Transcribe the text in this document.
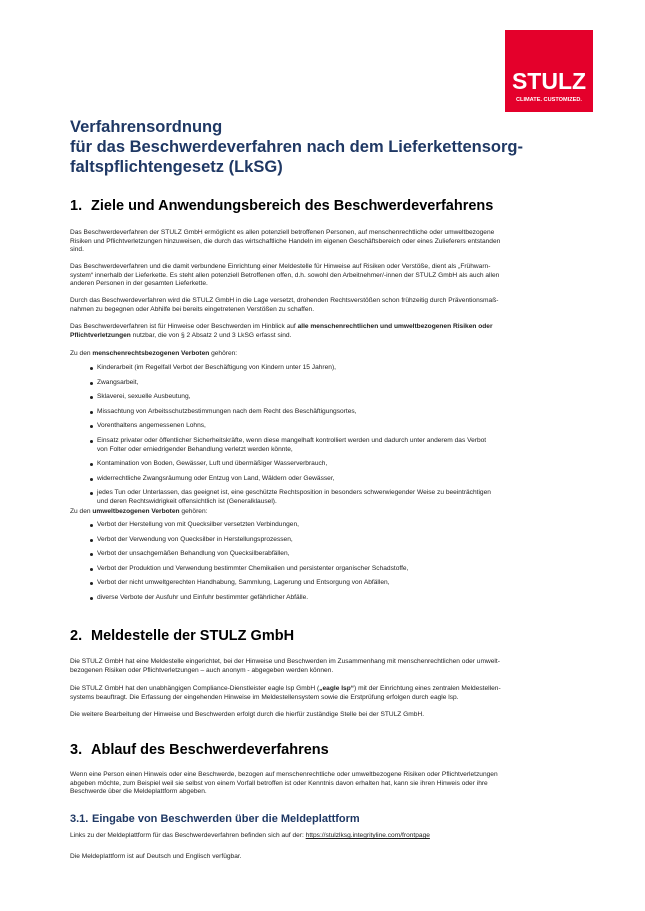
STULZ
CLIMATE. CUSTOMIZED.
Verfahrensordnung
für das Beschwerdeverfahren nach dem Lieferkettensorg-
faltspflichtengesetz (LkSG)
1. Ziele und Anwendungsbereich des Beschwerdeverfahrens
Das Beschwerdeverfahren der STULZ GmbH ermöglicht es allen potenziell betroffenen Personen, auf menschenrechtliche oder umweltbezogene
Risiken und Pflichtverletzungen hinzuweisen, die durch das wirtschaftliche Handeln im eigenen Geschäftsbereich oder eines Zulieferers entstanden
sind.
Das Beschwerdeverfahren und die damit verbundene Einrichtung einer Meldestelle für Hinweise auf Risiken oder Verstöße, dient als „Frühwarn-
system“ innerhalb der Lieferkette. Es steht allen potenziell Betroffenen offen, d.h. sowohl den Arbeitnehmer/-innen der STULZ GmbH als auch allen
anderen Personen in der gesamten Lieferkette.
Durch das Beschwerdeverfahren wird die STULZ GmbH in die Lage versetzt, drohenden Rechtsverstößen schon frühzeitig durch Präventionsmaß-
nahmen zu begegnen oder Abhilfe bei bereits eingetretenen Verstößen zu schaffen.
Das Beschwerdeverfahren ist für Hinweise oder Beschwerden im Hinblick auf alle menschenrechtlichen und umweltbezogenen Risiken oder
Pflichtverletzungen nutzbar, die von § 2 Absatz 2 und 3 LkSG erfasst sind.
Zu den menschenrechtsbezogenen Verboten gehören:
Kinderarbeit (im Regelfall Verbot der Beschäftigung von Kindern unter 15 Jahren),
Zwangsarbeit,
Sklaverei, sexuelle Ausbeutung,
Missachtung von Arbeitsschutzbestimmungen nach dem Recht des Beschäftigungsortes,
Vorenthaltens angemessenen Lohns,
Einsatz privater oder öffentlicher Sicherheitskräfte, wenn diese mangelhaft kontrolliert werden und dadurch unter anderem das Verbot
von Folter oder erniedrigender Behandlung verletzt werden könnte,
Kontamination von Boden, Gewässer, Luft und übermäßiger Wasserverbrauch,
widerrechtliche Zwangsräumung oder Entzug von Land, Wäldern oder Gewässer,
jedes Tun oder Unterlassen, das geeignet ist, eine geschützte Rechtsposition in besonders schwerwiegender Weise zu beeinträchtigen
und deren Rechtswidrigkeit offensichtlich ist (Generalklausel).
Zu den umweltbezogenen Verboten gehören:
Verbot der Herstellung von mit Quecksilber versetzten Verbindungen,
Verbot der Verwendung von Quecksilber in Herstellungsprozessen,
Verbot der unsachgemäßen Behandlung von Quecksilberabfällen,
Verbot der Produktion und Verwendung bestimmter Chemikalien und persistenter organischer Schadstoffe,
Verbot der nicht umweltgerechten Handhabung, Sammlung, Lagerung und Entsorgung von Abfällen,
diverse Verbote der Ausfuhr und Einfuhr bestimmter gefährlicher Abfälle.
2. Meldestelle der STULZ GmbH
Die STULZ GmbH hat eine Meldestelle eingerichtet, bei der Hinweise und Beschwerden im Zusammenhang mit menschenrechtlichen oder umwelt-
bezogenen Risiken oder Pflichtverletzungen – auch anonym - abgegeben werden können.
Die STULZ GmbH hat den unabhängigen Compliance-Dienstleister eagle lsp GmbH („eagle lsp“) mit der Einrichtung eines zentralen Meldestellen-
systems beauftragt. Die Erfassung der eingehenden Hinweise im Meldestellensystem sowie die Erstprüfung erfolgen durch eagle lsp.
Die weitere Bearbeitung der Hinweise und Beschwerden erfolgt durch die hierfür zuständige Stelle bei der STULZ GmbH.
3. Ablauf des Beschwerdeverfahrens
Wenn eine Person einen Hinweis oder eine Beschwerde, bezogen auf menschenrechtliche oder umweltbezogene Risiken oder Pflichtverletzungen
abgeben möchte, zum Beispiel weil sie selbst von einem Vorfall betroffen ist oder Kenntnis davon erhalten hat, kann sie ihren Hinweis oder ihre
Beschwerde über die Meldeplattform abgeben.
3.1. Eingabe von Beschwerden über die Meldeplattform
Links zu der Meldeplattform für das Beschwerdeverfahren befinden sich auf der: https://stulzlksg.integrityline.com/frontpage
Die Meldeplattform ist auf Deutsch und Englisch verfügbar.
